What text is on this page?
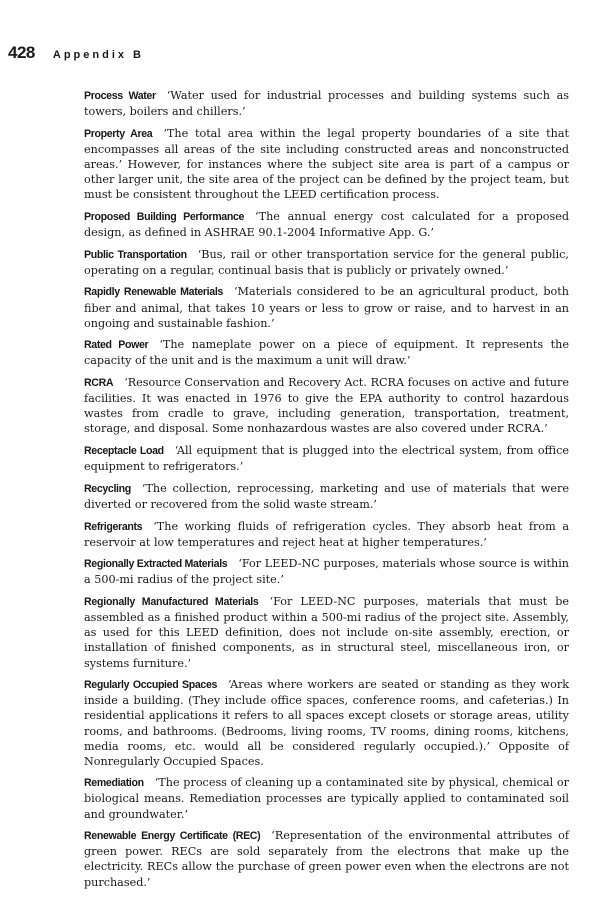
428 Appendix B

Process Water ‘Water used for industrial processes and building systems such as towers, boilers and chillers.’

Property Area ‘The total area within the legal property boundaries of a site that encompasses all areas of the site including constructed areas and nonconstructed areas.’ However, for instances where the subject site area is part of a campus or other larger unit, the site area of the project can be defined by the project team, but must be consistent throughout the LEED certification process.

Proposed Building Performance ‘The annual energy cost calculated for a proposed design, as defined in ASHRAE 90.1-2004 Informative App. G.’

Public Transportation ‘Bus, rail or other transportation service for the general public, operating on a regular, continual basis that is publicly or privately owned.’

Rapidly Renewable Materials ‘Materials considered to be an agricultural product, both fiber and animal, that takes 10 years or less to grow or raise, and to harvest in an ongoing and sustainable fashion.’

Rated Power ‘The nameplate power on a piece of equipment. It represents the capacity of the unit and is the maximum a unit will draw.’

RCRA ‘Resource Conservation and Recovery Act. RCRA focuses on active and future facilities. It was enacted in 1976 to give the EPA authority to control hazardous wastes from cradle to grave, including generation, transportation, treatment, storage, and disposal. Some nonhazardous wastes are also covered under RCRA.’

Receptacle Load ‘All equipment that is plugged into the electrical system, from office equipment to refrigerators.’

Recycling ‘The collection, reprocessing, marketing and use of materials that were diverted or recovered from the solid waste stream.’

Refrigerants ‘The working fluids of refrigeration cycles. They absorb heat from a reservoir at low temperatures and reject heat at higher temperatures.’

Regionally Extracted Materials ‘For LEED-NC purposes, materials whose source is within a 500-mi radius of the project site.’

Regionally Manufactured Materials ‘For LEED-NC purposes, materials that must be assembled as a finished product within a 500-mi radius of the project site. Assembly, as used for this LEED definition, does not include on-site assembly, erection, or installation of finished components, as in structural steel, miscellaneous iron, or systems furniture.’

Regularly Occupied Spaces ‘Areas where workers are seated or standing as they work inside a building. (They include office spaces, conference rooms, and cafeterias.) In residential applications it refers to all spaces except closets or storage areas, utility rooms, and bathrooms. (Bedrooms, living rooms, TV rooms, dining rooms, kitchens, media rooms, etc. would all be considered regularly occupied.).’ Opposite of Nonregularly Occupied Spaces.

Remediation ‘The process of cleaning up a contaminated site by physical, chemical or biological means. Remediation processes are typically applied to contaminated soil and groundwater.’

Renewable Energy Certificate (REC) ‘Representation of the environmental attributes of green power. RECs are sold separately from the electrons that make up the electricity. RECs allow the purchase of green power even when the electrons are not purchased.’
